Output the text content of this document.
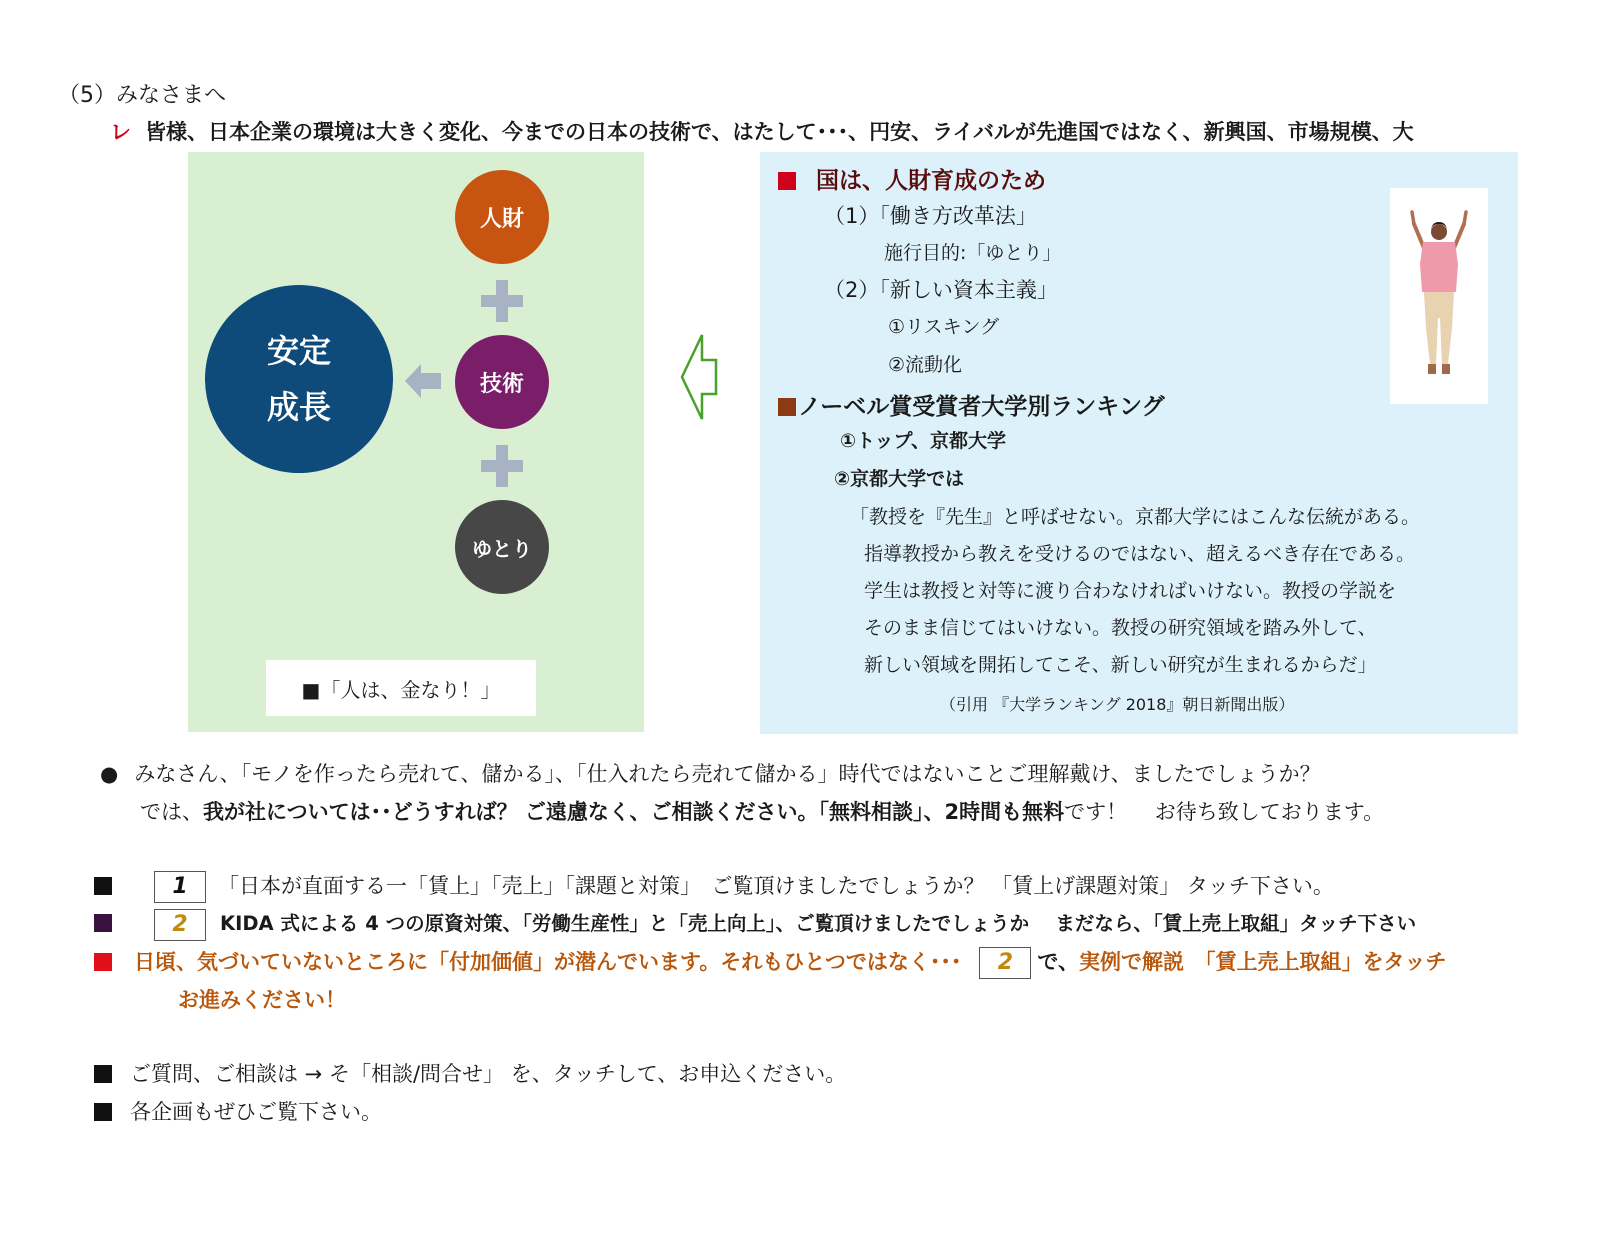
（5）みなさまへ
レ 皆様、日本企業の環境は大きく変化、今までの日本の技術で、はたして･･･、円安、ライバルが先進国ではなく、新興国、市場規模、大
安定
成長
人財
技術
ゆとり
■「人は、金なり！」
国は、人財育成のため
（1）「働き方改革法」
施行目的:「ゆとり」
（2）「新しい資本主義」
①リスキング
②流動化
ノーベル賞受賞者大学別ランキング
①トップ、京都大学
②京都大学では
「教授を『先生』と呼ばせない。京都大学にはこんな伝統がある。
指導教授から教えを受けるのではない、超えるべき存在である。
学生は教授と対等に渡り合わなければいけない。教授の学説を
そのまま信じてはいけない。教授の研究領域を踏み外して、
新しい領域を開拓してこそ、新しい研究が生まれるからだ」
（引用 『大学ランキング 2018』朝日新聞出版）
● みなさん、「モノを作ったら売れて、儲かる」、「仕入れたら売れて儲かる」時代ではないことご理解戴け、ましたでしょうか？
では、我が社については･･どうすれば？ ご遠慮なく、ご相談ください。「無料相談」、2時間も無料です！　 お待ち致しております。
1 「日本が直面する一「賃上」「売上」「課題と対策」　ご覧頂けましたでしょうか？ 「賃上げ課題対策」 タッチ下さい。
2 KIDA 式による 4 つの原資対策、「労働生産性」と「売上向上」、ご覧頂けましたでしょうか　 まだなら、「賃上売上取組」タッチ下さい
日頃、気づいていないところに「付加価値」が潜んでいます。それもひとつではなく･･･ 2 で、実例で解説　「賃上売上取組」をタッチ
お進みください！
ご質問、ご相談は → そ「相談/問合せ」 を、タッチして、お申込ください。
各企画もぜひご覧下さい。
